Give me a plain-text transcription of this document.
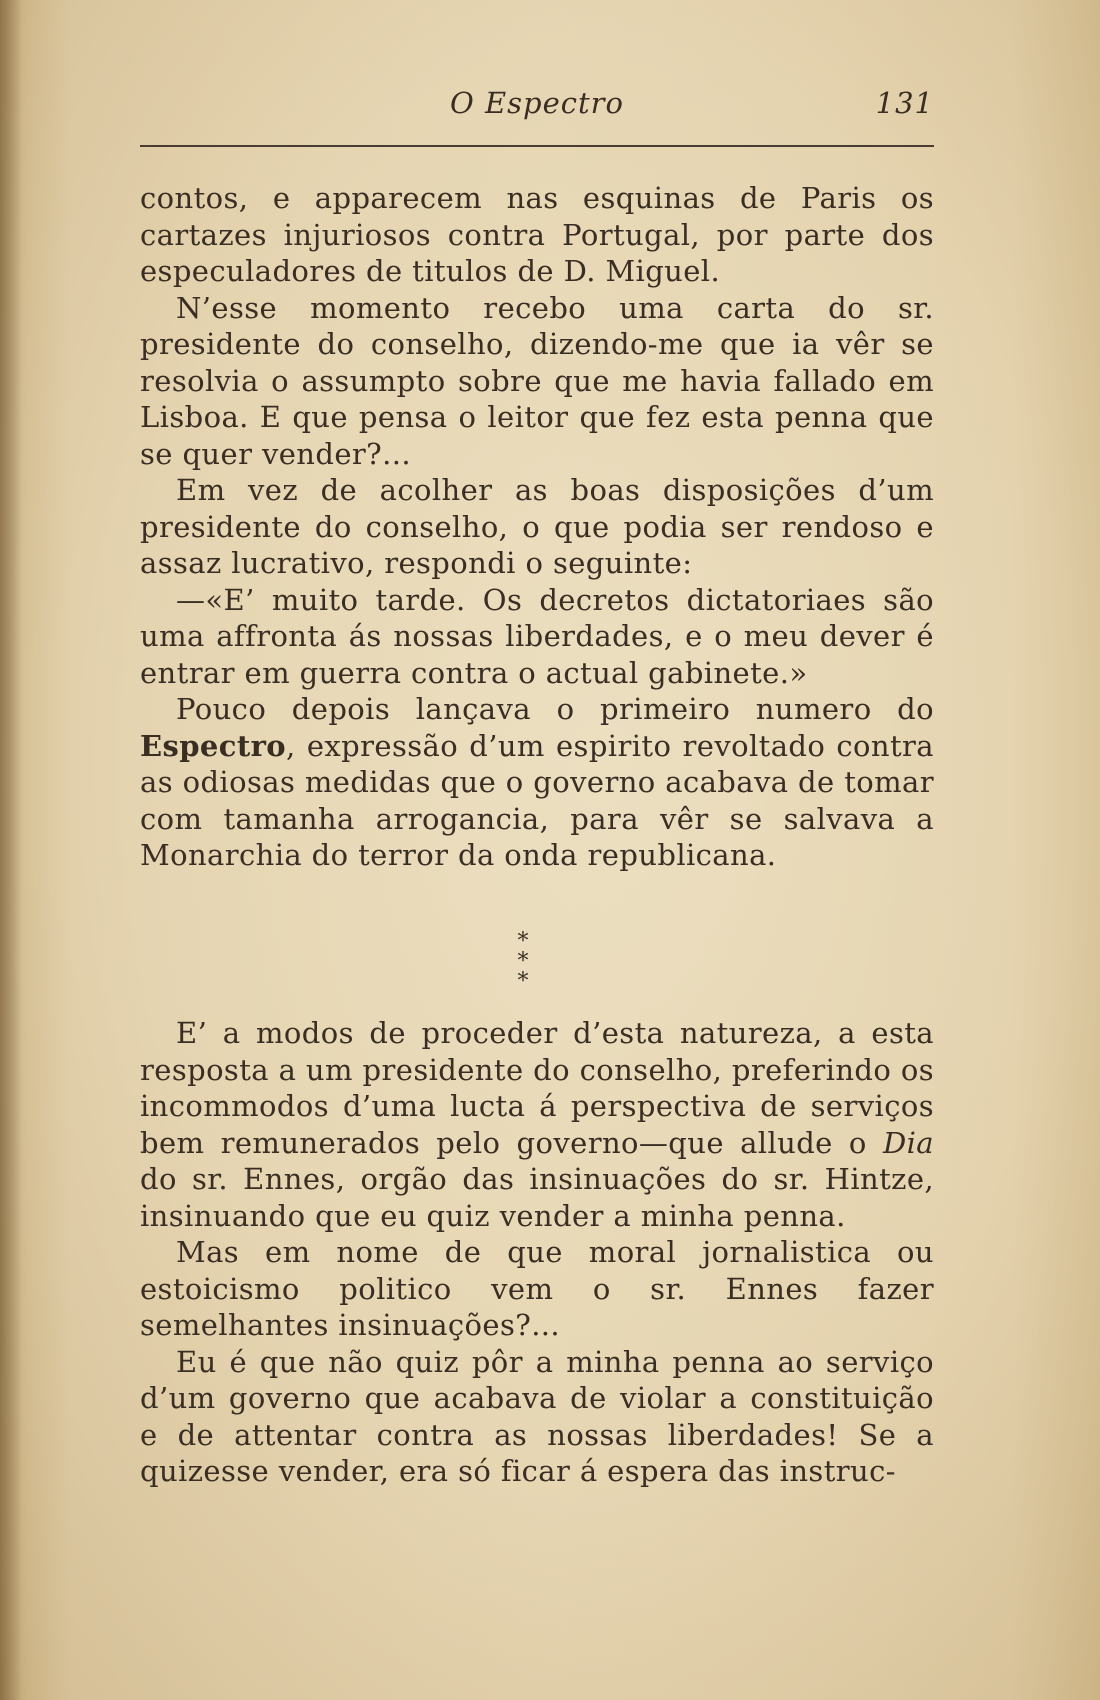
O Espectro	131

contos, e apparecem nas esquinas de Paris os cartazes injuriosos contra Portugal, por parte dos especuladores de titulos de D. Miguel.

N’esse momento recebo uma carta do sr. presidente do conselho, dizendo-me que ia vêr se resolvia o assumpto sobre que me havia fallado em Lisboa. E que pensa o leitor que fez esta penna que se quer vender?...

Em vez de acolher as boas disposições d’um presidente do conselho, o que podia ser rendoso e assaz lucrativo, respondi o seguinte:

—«E’ muito tarde. Os decretos dictatoriaes são uma affronta ás nossas liberdades, e o meu dever é entrar em guerra contra o actual gabinete.»

Pouco depois lançava o primeiro numero do Espectro, expressão d’um espirito revoltado contra as odiosas medidas que o governo acabava de tomar com tamanha arrogancia, para vêr se salvava a Monarchia do terror da onda republicana.

*
* *

E’ a modos de proceder d’esta natureza, a esta resposta a um presidente do conselho, preferindo os incommodos d’uma lucta á perspectiva de serviços bem remunerados pelo governo—que allude o Dia do sr. Ennes, orgão das insinuações do sr. Hintze, insinuando que eu quiz vender a minha penna.

Mas em nome de que moral jornalistica ou estoicismo politico vem o sr. Ennes fazer semelhantes insinuações?...

Eu é que não quiz pôr a minha penna ao serviço d’um governo que acabava de violar a constituição e de attentar contra as nossas liberdades! Se a quizesse vender, era só ficar á espera das instruc-
